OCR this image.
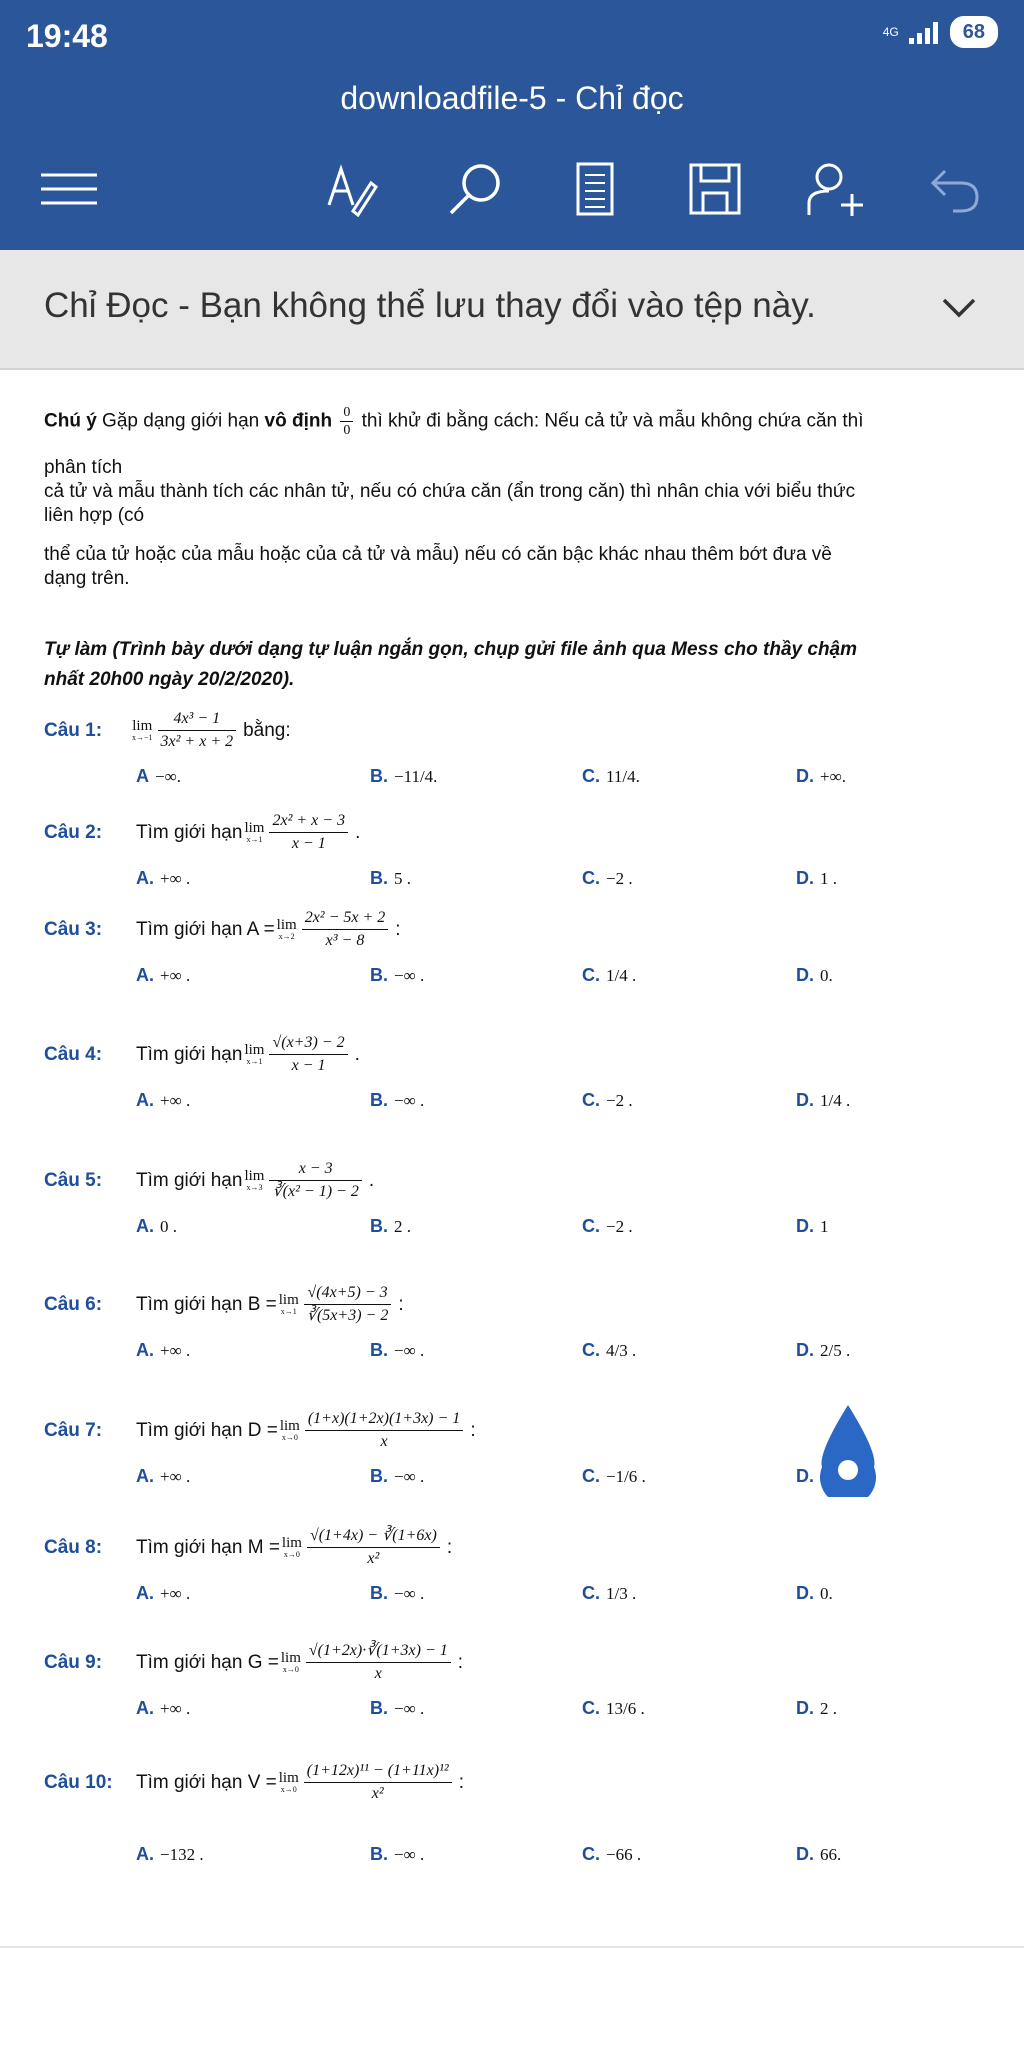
19:48	4G	68
downloadfile-5 - Chỉ đọc
Chỉ Đọc - Bạn không thể lưu thay đổi vào tệp này.
Chú ý Gặp dạng giới hạn vô định $\frac{0}{0}$ thì khử đi bằng cách: Nếu cả tử và mẫu không chứa căn thì
phân tích
cả tử và mẫu thành tích các nhân tử, nếu có chứa căn (ẩn trong căn) thì nhân chia với biểu thức
liên hợp (có
thể của tử hoặc của mẫu hoặc của cả tử và mẫu) nếu có căn bậc khác nhau thêm bớt đưa về
dạng trên.
Tự làm (Trình bày dưới dạng tự luận ngắn gọn, chụp gửi file ảnh qua Mess cho thầy chậm
nhất 20h00 ngày 20/2/2020).
Câu 1: lim
$x\to-1 \frac{\text{4x³ − 1}}{\text{3x² + x + 2}}$ bằng:
A −∞.	B. −11/4.	C. 11/4.	D. +∞.
Câu 2: Tìm giới hạn lim
$x\to 1 \frac{\text{2x² + x − 3}}{x - 1}$ .
A. +∞ .	B. 5 .	C. −2 .	D. 1 .
Câu 3: Tìm giới hạn A = lim
$x\to 2 \frac{\text{2x² − 5x + 2}}{\text{x³ − 8}}$ :
A. +∞ .	B. −∞ .	C. 1/4 .	D. 0.
Câu 4: Tìm giới hạn lim
$x\to 1 \frac{√(x+3) - 2}{x - 1}$ .
A. +∞ .	B. −∞ .	C. −2 .	D. 1/4 .
Câu 5: Tìm giới hạn lim
$x\to 3 \frac{x - 3}{\text{∛(x² − 1) − 2}}$ .
A. 0 .	B. 2 .	C. −2 .	D. 1
Câu 6: Tìm giới hạn B = lim
$x\to 1 \frac{√(4x+5) - 3}{∛(5x+3) - 2}$ :
A. +∞ .	B. −∞ .	C. 4/3 .	D. 2/5 .
Câu 7: Tìm giới hạn D = lim
$x\to 0 \frac{(1+x)(1+2x)(1+3x) - 1}{x}$ :
A. +∞ .	B. −∞ .	C. −1/6 .	D.
Câu 8: Tìm giới hạn M = lim
$x\to 0 \frac{√(1+4x) - ∛(1+6x)}{\text{x²}}$ :
A. +∞ .	B. −∞ .	C. 1/3 .	D. 0.
Câu 9: Tìm giới hạn G = lim
$x\to 0 \frac{√(1+2x)\cdot∛(1+3x) - 1}{x}$ :
A. +∞ .	B. −∞ .	C. 13/6 .	D. 2 .
Câu 10: Tìm giới hạn V = lim
$x\to 0 \frac{\text{(1+12x)¹¹ − (1+11x)¹²}}{\text{x²}}$ :
A. −132 .	B. −∞ .	C. −66 .	D. 66.
